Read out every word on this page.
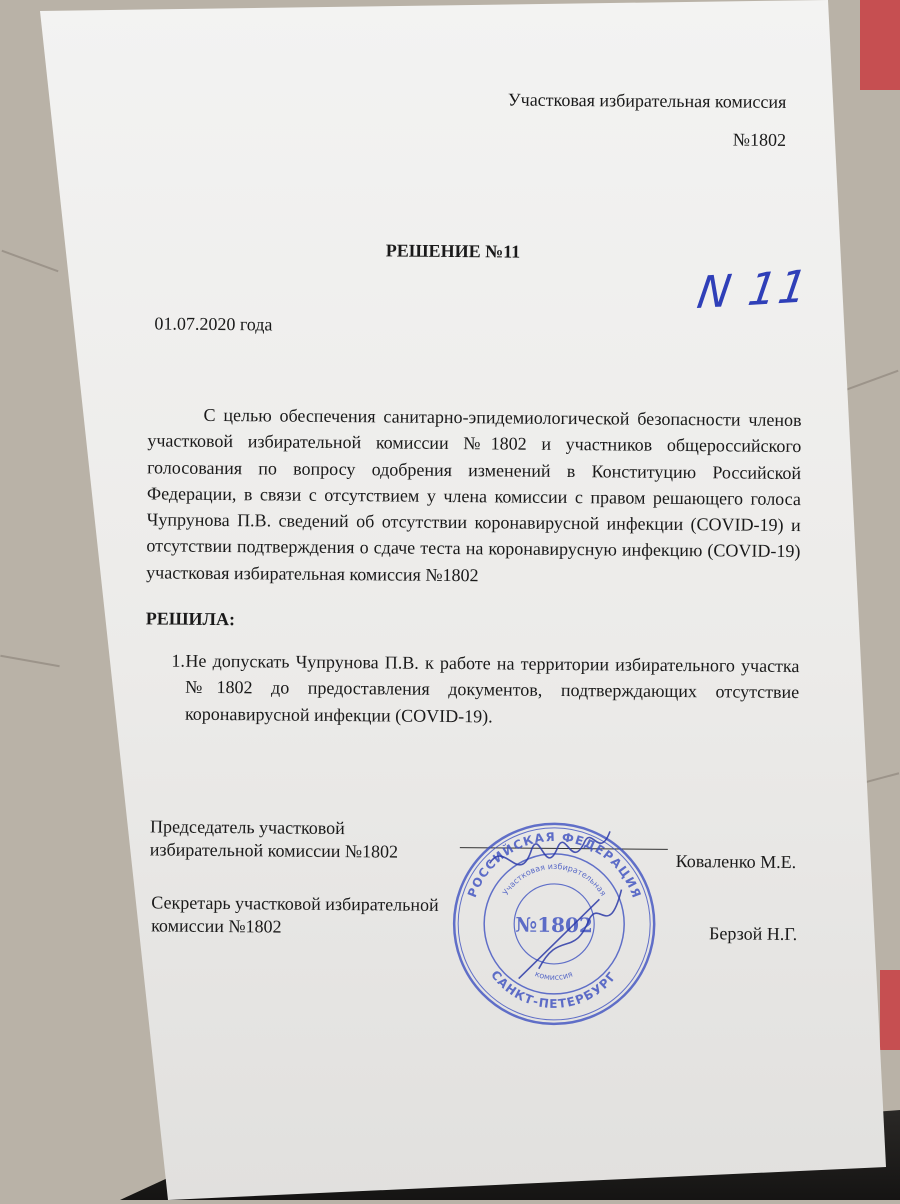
Участковая избирательная комиссия

№1802

РЕШЕНИЕ №11

N 11

01.07.2020 года

С целью обеспечения санитарно-эпидемиологической безопасности членов участковой избирательной комиссии №1802 и участников общероссийского голосования по вопросу одобрения изменений в Конституцию Российской Федерации, в связи с отсутствием у члена комиссии с правом решающего голоса Чупрунова П.В. сведений об отсутствии коронавирусной инфекции (COVID-19) и отсутствии подтверждения о сдаче теста на коронавирусную инфекцию (COVID-19) участковая избирательная комиссия №1802

РЕШИЛА:

1. Не допускать Чупрунова П.В. к работе на территории избирательного участка №1802 до предоставления документов, подтверждающих отсутствие коронавирусной инфекции (COVID-19).
Председатель участковой
избирательной комиссии №1802	Коваленко М.Е.
Секретарь участковой избирательной
комиссии №1802	Берзой Н.Г.
РОССИЙСКАЯ ФЕДЕРАЦИЯ
САНКТ-ПЕТЕРБУРГ
Участковая избирательная
комиссия
№1802
